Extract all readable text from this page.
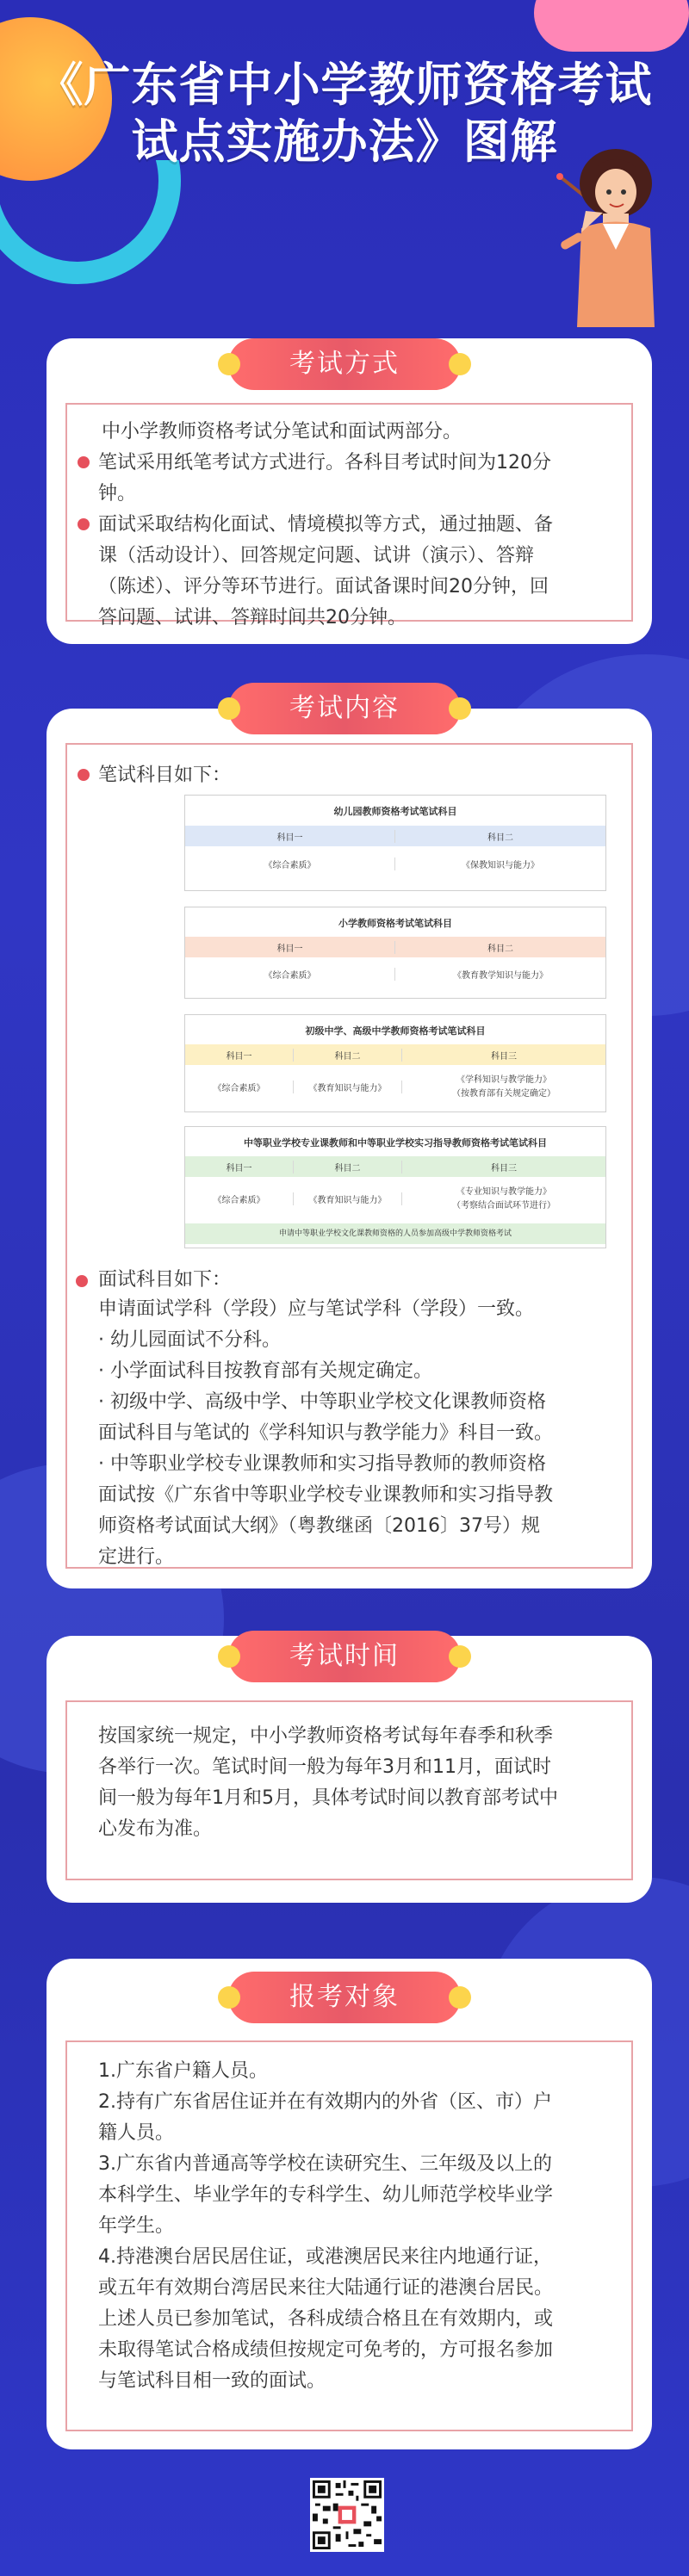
《广东省中小学教师资格考试
试点实施办法》图解
中小学教师资格考试分笔试和面试两部分。
笔试采用纸笔考试方式进行。各科目考试时间为120分
钟。
面试采取结构化面试、情境模拟等方式，通过抽题、备
课（活动设计）、回答规定问题、试讲（演示）、答辩
（陈述）、评分等环节进行。面试备课时间20分钟，回
答问题、试讲、答辩时间共20分钟。
考试方式
笔试科目如下：
幼儿园教师资格考试笔试科目
科目一	科目二
《综合素质》	《保教知识与能力》
小学教师资格考试笔试科目
科目一	科目二
《综合素质》	《教育教学知识与能力》
初级中学、高级中学教师资格考试笔试科目
科目一	科目二	科目三
《综合素质》	《教育知识与能力》
《学科知识与教学能力》
（按教育部有关规定确定）
中等职业学校专业课教师和中等职业学校实习指导教师资格考试笔试科目
科目一	科目二	科目三
《综合素质》	《教育知识与能力》
《专业知识与教学能力》
（考察结合面试环节进行）
申请中等职业学校文化课教师资格的人员参加高级中学教师资格考试
面试科目如下：
申请面试学科（学段）应与笔试学科（学段）一致。
· 幼儿园面试不分科。
· 小学面试科目按教育部有关规定确定。
· 初级中学、高级中学、中等职业学校文化课教师资格
面试科目与笔试的《学科知识与教学能力》科目一致。
· 中等职业学校专业课教师和实习指导教师的教师资格
面试按《广东省中等职业学校专业课教师和实习指导教
师资格考试面试大纲》（粤教继函〔2016〕37号）规
定进行。
考试内容
按国家统一规定，中小学教师资格考试每年春季和秋季
各举行一次。笔试时间一般为每年3月和11月，面试时
间一般为每年1月和5月，具体考试时间以教育部考试中
心发布为准。
考试时间
1.广东省户籍人员。
2.持有广东省居住证并在有效期内的外省（区、市）户
籍人员。
3.广东省内普通高等学校在读研究生、三年级及以上的
本科学生、毕业学年的专科学生、幼儿师范学校毕业学
年学生。
4.持港澳台居民居住证，或港澳居民来往内地通行证，
或五年有效期台湾居民来往大陆通行证的港澳台居民。
上述人员已参加笔试，各科成绩合格且在有效期内，或
未取得笔试合格成绩但按规定可免考的，方可报名参加
与笔试科目相一致的面试。
报考对象
